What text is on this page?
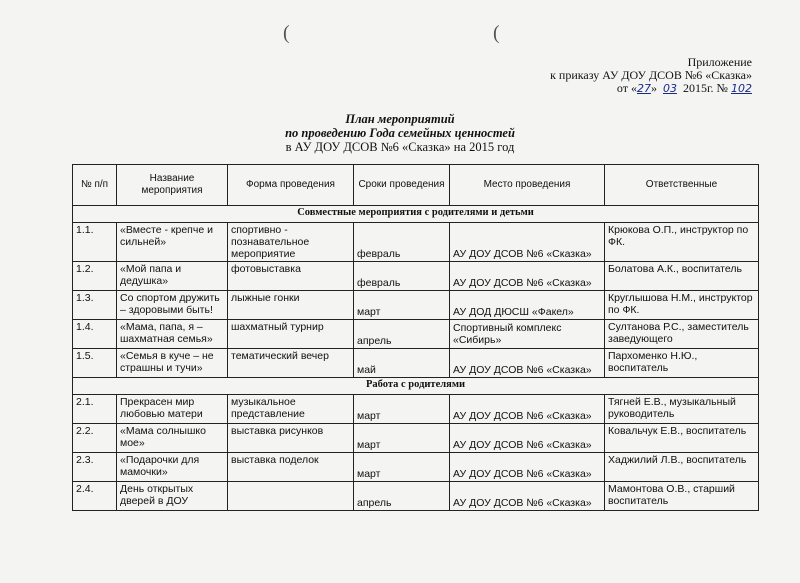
(	(
Приложение
к приказу АУ ДОУ ДСОВ №6 «Сказка»
от «27» 03 2015г. № 102
План мероприятий
по проведению Года семейных ценностей
в АУ ДОУ ДСОВ №6 «Сказка» на 2015 год
№ п/п	Название мероприятия	Форма проведения	Сроки проведения	Место проведения	Ответственные
Совместные мероприятия с родителями и детьми					
1.1.	«Вместе - крепче и сильней»	спортивно - познавательное мероприятие	февраль	АУ ДОУ ДСОВ №6 «Сказка»	Крюкова О.П., инструктор по ФК.
1.2.	«Мой папа и дедушка»	фотовыставка	февраль	АУ ДОУ ДСОВ №6 «Сказка»	Болатова А.К., воспитатель
1.3.	Со спортом дружить – здоровыми быть!	лыжные гонки	март	АУ ДОД ДЮСШ «Факел»	Круглышова Н.М., инструктор по ФК.
1.4.	«Мама, папа, я – шахматная семья»	шахматный турнир	апрель	Спортивный комплекс «Сибирь»	Султанова Р.С., заместитель заведующего
1.5.	«Семья в куче – не страшны и тучи»	тематический вечер	май	АУ ДОУ ДСОВ №6 «Сказка»	Пархоменко Н.Ю., воспитатель
Работа с родителями					
2.1.	Прекрасен мир любовью матери	музыкальное представление	март	АУ ДОУ ДСОВ №6 «Сказка»	Тягней Е.В., музыкальный руководитель
2.2.	«Мама солнышко мое»	выставка рисунков	март	АУ ДОУ ДСОВ №6 «Сказка»	Ковальчук Е.В., воспитатель
2.3.	«Подарочки для мамочки»	выставка поделок	март	АУ ДОУ ДСОВ №6 «Сказка»	Хаджилий Л.В., воспитатель
2.4.	День открытых дверей в ДОУ		апрель	АУ ДОУ ДСОВ №6 «Сказка»	Мамонтова О.В., старший воспитатель
